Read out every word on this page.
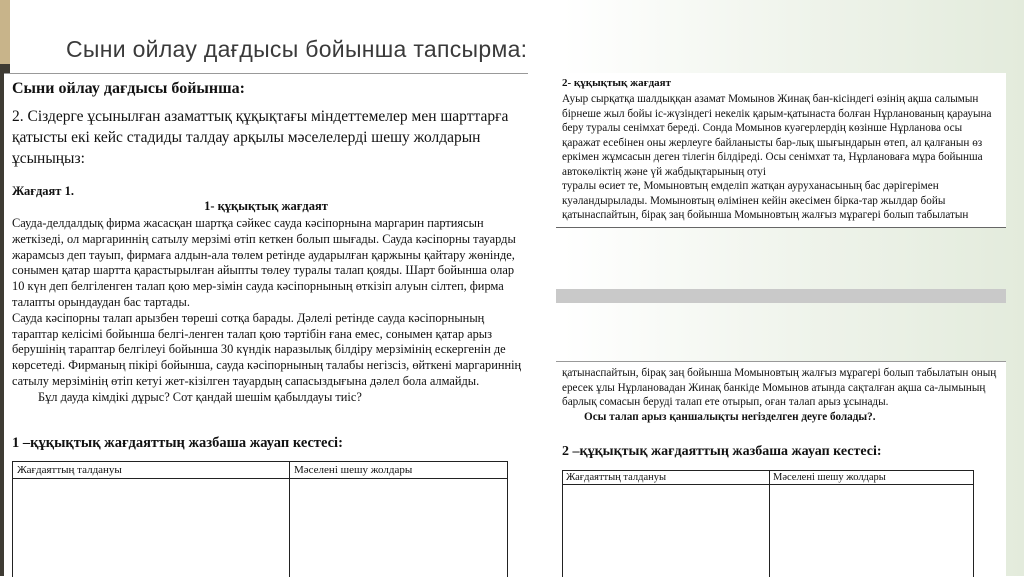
Сыни ойлау дағдысы бойынша тапсырма:
Сыни ойлау дағдысы бойынша:
2. Сіздерге ұсынылған азаматтық құқықтағы міндеттемелер мен шарттарға қатысты екі кейс стадиды талдау арқылы мәселелерді шешу жолдарын ұсыныңыз:
Жағдаят 1.
1- құқықтық жағдаят

Сауда-делдалдық фирма жасасқан шартқа сәйкес сауда кәсіпорнына маргарин партиясын жеткізеді, ол маргариннің сатылу мерзімі өтіп кеткен болып шығады. Сауда кәсіпорны тауарды жарамсыз деп тауып, фирмаға алдын-ала төлем ретінде аударылған қаржыны қайтару жөнінде, сонымен қатар шартта қарастырылған айыпты төлеу туралы талап қояды. Шарт бойынша олар 10 күн деп белгіленген талап қою мер-зімін сауда кәсіпорнының өткізіп алуын сілтеп, фирма талапты орындаудан бас тартады.

Сауда кәсіпорны талап арызбен төреші сотқа барады. Дәлелі ретінде сауда кәсіпорнының тараптар келісімі бойынша белгі-ленген талап қою тәртібін ғана емес, сонымен қатар арыз берушінің тараптар белгілеуі бойынша 30 күндік наразылық білдіру мерзімінің ескергенін де көрсетеді. Фирманың пікірі бойынша, сауда кәсіпорнының талабы негізсіз, өйткені маргариннің сатылу мерзімінің өтіп кетуі жет-кізілген тауардың сапасыздығына дәлел бола алмайды.

Бұл дауда кімдікі дұрыс? Сот қандай шешім қабылдауы тиіс?

1 –құқықтық жағдаяттың жазбаша жауап кестесі:
Жағдаяттың талдануы	Мәселені шешу жолдары

2- құқықтық жағдаят

Ауыр сырқатқа шалдыққан азамат Момынов Жинақ бан-кісіндегі өзінің ақша салымын бірнеше жыл бойы іс-жүзіндегі некелік қарым-қатынаста болған Нұрланованың қарауына беру туралы сенімхат береді. Сонда Момынов куәгерлердің көзінше Нұрланова осы қаражат есебінен оны жерлеуге байланысты бар-лық шығындарын өтеп, ал қалғанын өз еркімен жұмсасын деген тілегін білдіреді. Осы сенімхат та, Нұрлановаға мұра бойынша автокөліктің және үй жабдықтарының отуі

туралы өсиет те, Момыновтың емделіп жатқан ауруханасының бас дәрігерімен куәландырылады. Момыновтың өлімінен кейін әкесімен бірка-тар жылдар бойы қатынаспайтын, бірақ заң бойынша Момыновтың жалғыз мұрагері болып табылатын

қатынаспайтын, бірақ заң бойынша Момыновтың жалғыз мұрагері болып табылатын оның ересек ұлы Нұрлановадан Жинақ банкіде Момынов атында сақталған ақша са-лымының барлық сомасын беруді талап ете отырып, оған талап арыз ұсынады.

Осы талап арыз қаншалықты негізделген деуге болады?.

2 –құқықтық жағдаяттың жазбаша жауап кестесі:
Жағдаяттың талдануы	Мәселені шешу жолдары
